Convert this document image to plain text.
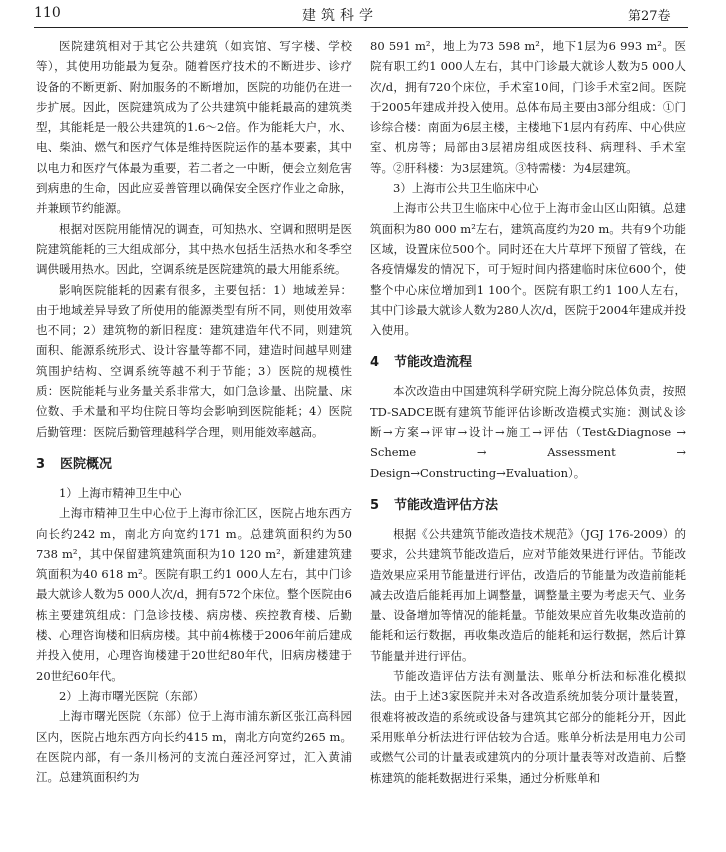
110	建筑科学	第27卷

医院建筑相对于其它公共建筑（如宾馆、写字楼、学校等），其使用功能最为复杂。随着医疗技术的不断进步、诊疗设备的不断更新、附加服务的不断增加，医院的功能仍在进一步扩展。因此，医院建筑成为了公共建筑中能耗最高的建筑类型，其能耗是一般公共建筑的1.6～2倍。作为能耗大户，水、电、柴油、燃气和医疗气体是维持医院运作的基本要素，其中以电力和医疗气体最为重要，若二者之一中断，便会立刻危害到病患的生命，因此应妥善管理以确保安全医疗作业之命脉，并兼顾节约能源。

根据对医院用能情况的调查，可知热水、空调和照明是医院建筑能耗的三大组成部分，其中热水包括生活热水和冬季空调供暖用热水。因此，空调系统是医院建筑的最大用能系统。

影响医院能耗的因素有很多，主要包括：1）地域差异：由于地域差异导致了所使用的能源类型有所不同，则使用效率也不同；2）建筑物的新旧程度：建筑建造年代不同，则建筑面积、能源系统形式、设计容量等都不同，建造时间越早则建筑围护结构、空调系统等越不利于节能；3）医院的规模性质：医院能耗与业务量关系非常大，如门急诊量、出院量、床位数、手术量和平均住院日等均会影响到医院能耗；4）医院后勤管理：医院后勤管理越科学合理，则用能效率越高。

3 医院概况

1）上海市精神卫生中心

上海市精神卫生中心位于上海市徐汇区，医院占地东西方向长约242 m，南北方向宽约171 m。总建筑面积约为50 738 m²，其中保留建筑建筑面积为10 120 m²，新建建筑建筑面积为40 618 m²。医院有职工约1 000人左右，其中门诊最大就诊人数为5 000人次/d，拥有572个床位。整个医院由6栋主要建筑组成：门急诊技楼、病房楼、疾控教育楼、后勤楼、心理咨询楼和旧病房楼。其中前4栋楼于2006年前后建成并投入使用，心理咨询楼建于20世纪80年代，旧病房楼建于20世纪60年代。

2）上海市曙光医院（东部）

上海市曙光医院（东部）位于上海市浦东新区张江高科园区内，医院占地东西方向长约415 m，南北方向宽约265 m。在医院内部，有一条川杨河的支流白莲泾河穿过，汇入黄浦江。总建筑面积约为

80 591 m²，地上为73 598 m²，地下1层为6 993 m²。医院有职工约1 000人左右，其中门诊最大就诊人数为5 000人次/d，拥有720个床位，手术室10间，门诊手术室2间。医院于2005年建成并投入使用。总体布局主要由3部分组成：①门诊综合楼：南面为6层主楼，主楼地下1层内有药库、中心供应室、机房等；局部由3层裙房组成医技科、病理科、手术室等。②肝科楼：为3层建筑。③特需楼：为4层建筑。

3）上海市公共卫生临床中心

上海市公共卫生临床中心位于上海市金山区山阳镇。总建筑面积为80 000 m²左右，建筑高度约为20 m。共有9个功能区域，设置床位500个。同时还在大片草坪下预留了管线，在各疫情爆发的情况下，可于短时间内搭建临时床位600个，使整个中心床位增加到1 100个。医院有职工约1 100人左右，其中门诊最大就诊人数为280人次/d，医院于2004年建成并投入使用。

4 节能改造流程

本次改造由中国建筑科学研究院上海分院总体负责，按照TD-SADCE既有建筑节能评估诊断改造模式实施：测试＆诊断→方案→评审→设计→施工→评估（Test&Diagnose → Scheme → Assessment → Design→Constructing→Evaluation）。

5 节能改造评估方法

根据《公共建筑节能改造技术规范》（JGJ 176-2009）的要求，公共建筑节能改造后，应对节能效果进行评估。节能改造效果应采用节能量进行评估，改造后的节能量为改造前能耗减去改造后能耗再加上调整量，调整量主要为考虑天气、业务量、设备增加等情况的能耗量。节能效果应首先收集改造前的能耗和运行数据，再收集改造后的能耗和运行数据，然后计算节能量并进行评估。

节能改造评估方法有测量法、账单分析法和标准化模拟法。由于上述3家医院并未对各改造系统加装分项计量装置，很难将被改造的系统或设备与建筑其它部分的能耗分开，因此采用账单分析法进行评估较为合适。账单分析法是用电力公司或燃气公司的计量表或建筑内的分项计量表等对改造前、后整栋建筑的能耗数据进行采集，通过分析账单和
